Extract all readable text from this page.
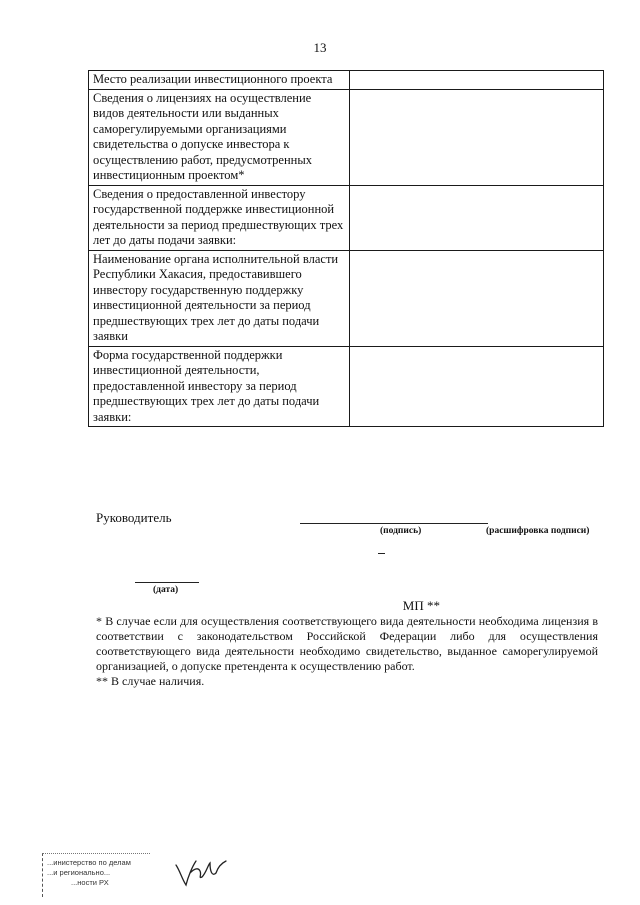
13
Место реализации инвестиционного проекта	
Сведения о лицензиях на осуществление видов деятельности или выданных саморегулируемыми организациями свидетельства о допуске инвестора к осуществлению работ, предусмотренных инвестиционным проектом*	
Сведения о предоставленной инвестору государственной поддержке инвестиционной деятельности за период предшествующих трех лет до даты подачи заявки:	
Наименование органа исполнительной власти Республики Хакасия, предоставившего инвестору государственную поддержку инвестиционной деятельности за период предшествующих трех лет до даты подачи заявки	
Форма государственной поддержки инвестиционной деятельности, предоставленной инвестору за период предшествующих трех лет до даты подачи заявки:	
Руководитель
(подпись)	(расшифровка подписи)
(дата)
МП **

* В случае если для осуществления соответствующего вида деятельности необходима лицензия в соответствии с законодательством Российской Федерации либо для осуществления соответствующего вида деятельности необходимо свидетельство, выданное саморегулируемой организацией, о допуске претендента к осуществлению работ.

** В случае наличия.

...инистерство по делам
...и регионально...
...ности РХ
